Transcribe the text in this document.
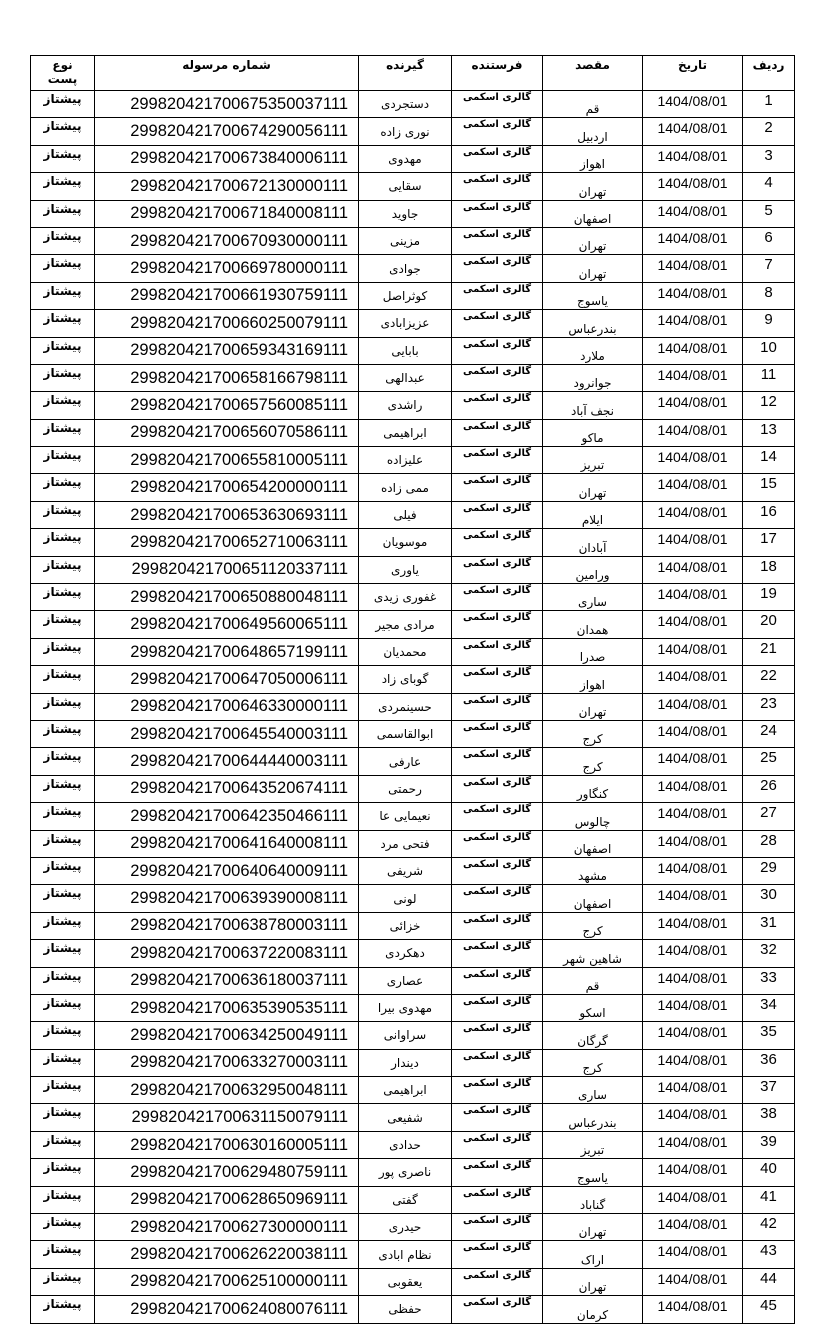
ردیف	تاریخ	مقصد	فرستنده	گیرنده	شماره مرسوله	نوع
پست
1	1404/08/01	قم	گالری اسکمی	دستجردی	299820421700675350037111	پیشتاز
2	1404/08/01	اردبیل	گالری اسکمی	نوری زاده	299820421700674290056111	پیشتاز
3	1404/08/01	اهواز	گالری اسکمی	مهدوی	299820421700673840006111	پیشتاز
4	1404/08/01	تهران	گالری اسکمی	سقایی	299820421700672130000111	پیشتاز
5	1404/08/01	اصفهان	گالری اسکمی	جاوید	299820421700671840008111	پیشتاز
6	1404/08/01	تهران	گالری اسکمی	مزینی	299820421700670930000111	پیشتاز
7	1404/08/01	تهران	گالری اسکمی	جوادی	299820421700669780000111	پیشتاز
8	1404/08/01	یاسوج	گالری اسکمی	کوثراصل	299820421700661930759111	پیشتاز
9	1404/08/01	بندرعباس	گالری اسکمی	عزیزابادی	299820421700660250079111	پیشتاز
10	1404/08/01	ملارد	گالری اسکمی	بابایی	299820421700659343169111	پیشتاز
11	1404/08/01	جوانرود	گالری اسکمی	عبدالهی	299820421700658166798111	پیشتاز
12	1404/08/01	نجف آباد	گالری اسکمی	راشدی	299820421700657560085111	پیشتاز
13	1404/08/01	ماکو	گالری اسکمی	ابراهیمی	299820421700656070586111	پیشتاز
14	1404/08/01	تبریز	گالری اسکمی	علیزاده	299820421700655810005111	پیشتاز
15	1404/08/01	تهران	گالری اسکمی	ممی زاده	299820421700654200000111	پیشتاز
16	1404/08/01	ایلام	گالری اسکمی	فیلی	299820421700653630693111	پیشتاز
17	1404/08/01	آبادان	گالری اسکمی	موسویان	299820421700652710063111	پیشتاز
18	1404/08/01	ورامین	گالری اسکمی	یاوری	299820421700651120337111	پیشتاز
19	1404/08/01	ساری	گالری اسکمی	غفوری زیدی	299820421700650880048111	پیشتاز
20	1404/08/01	همدان	گالری اسکمی	مرادی مجیر	299820421700649560065111	پیشتاز
21	1404/08/01	صدرا	گالری اسکمی	محمدیان	299820421700648657199111	پیشتاز
22	1404/08/01	اهواز	گالری اسکمی	گوبای زاد	299820421700647050006111	پیشتاز
23	1404/08/01	تهران	گالری اسکمی	حسینمردی	299820421700646330000111	پیشتاز
24	1404/08/01	کرج	گالری اسکمی	ابوالقاسمی	299820421700645540003111	پیشتاز
25	1404/08/01	کرج	گالری اسکمی	عارفی	299820421700644440003111	پیشتاز
26	1404/08/01	کنگاور	گالری اسکمی	رحمتی	299820421700643520674111	پیشتاز
27	1404/08/01	چالوس	گالری اسکمی	نعیمایی عا	299820421700642350466111	پیشتاز
28	1404/08/01	اصفهان	گالری اسکمی	فتحی مرد	299820421700641640008111	پیشتاز
29	1404/08/01	مشهد	گالری اسکمی	شریفی	299820421700640640009111	پیشتاز
30	1404/08/01	اصفهان	گالری اسکمی	لونی	299820421700639390008111	پیشتاز
31	1404/08/01	کرج	گالری اسکمی	خزائی	299820421700638780003111	پیشتاز
32	1404/08/01	شاهین شهر	گالری اسکمی	دهکردی	299820421700637220083111	پیشتاز
33	1404/08/01	قم	گالری اسکمی	عصاری	299820421700636180037111	پیشتاز
34	1404/08/01	اسکو	گالری اسکمی	مهدوی بیرا	299820421700635390535111	پیشتاز
35	1404/08/01	گرگان	گالری اسکمی	سراوانی	299820421700634250049111	پیشتاز
36	1404/08/01	کرج	گالری اسکمی	دیندار	299820421700633270003111	پیشتاز
37	1404/08/01	ساری	گالری اسکمی	ابراهیمی	299820421700632950048111	پیشتاز
38	1404/08/01	بندرعباس	گالری اسکمی	شفیعی	299820421700631150079111	پیشتاز
39	1404/08/01	تبریز	گالری اسکمی	حدادی	299820421700630160005111	پیشتاز
40	1404/08/01	یاسوج	گالری اسکمی	ناصری پور	299820421700629480759111	پیشتاز
41	1404/08/01	گناباد	گالری اسکمی	گفتی	299820421700628650969111	پیشتاز
42	1404/08/01	تهران	گالری اسکمی	حیدری	299820421700627300000111	پیشتاز
43	1404/08/01	اراک	گالری اسکمی	نظام ابادی	299820421700626220038111	پیشتاز
44	1404/08/01	تهران	گالری اسکمی	یعقوبی	299820421700625100000111	پیشتاز
45	1404/08/01	کرمان	گالری اسکمی	حفظی	299820421700624080076111	پیشتاز
